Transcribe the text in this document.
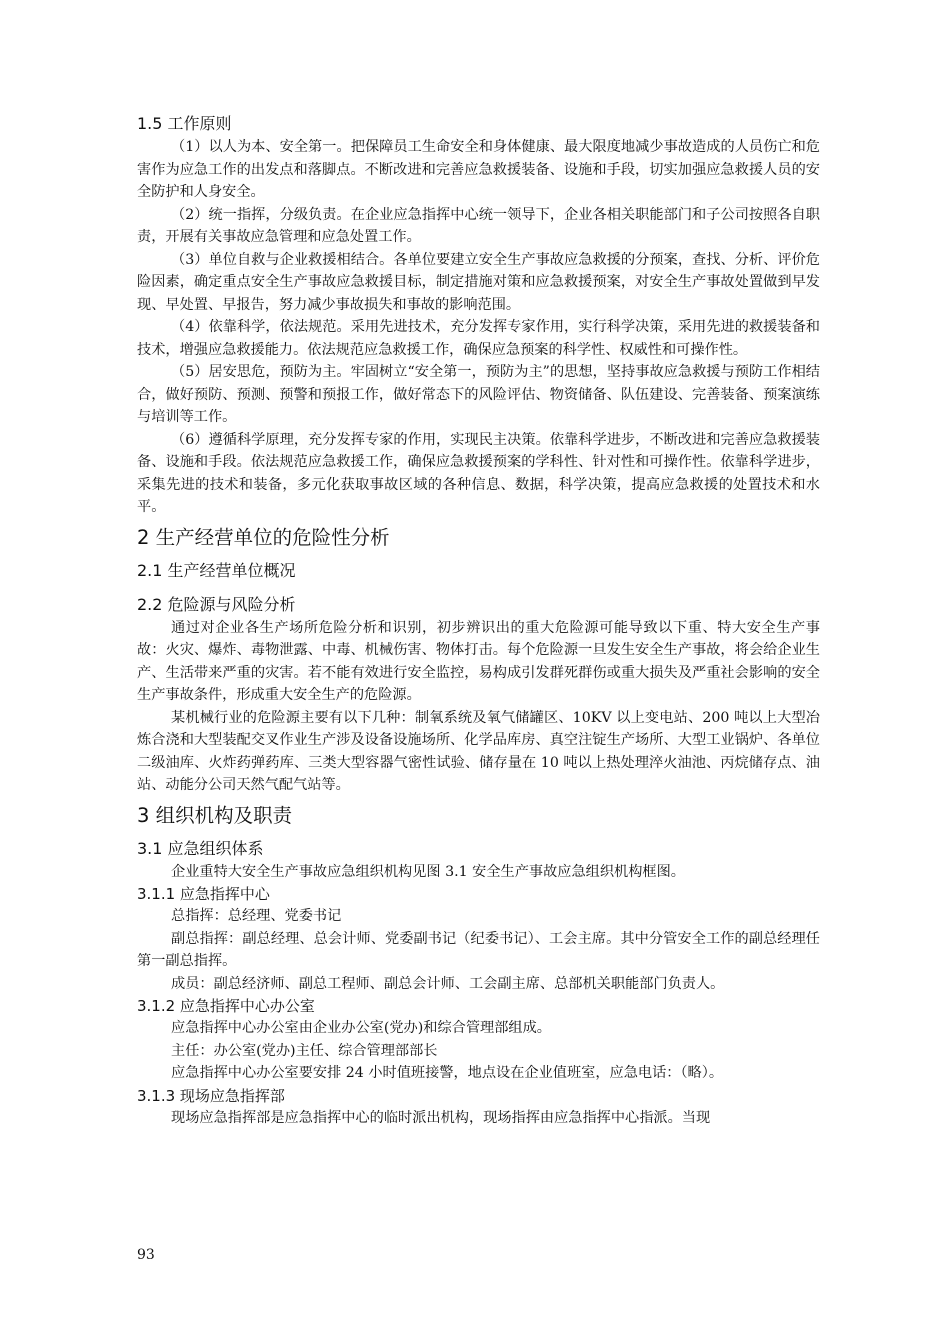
1.5 工作原则

（1）以人为本、安全第一。把保障员工生命安全和身体健康、最大限度地减少事故造成的人员伤亡和危害作为应急工作的出发点和落脚点。不断改进和完善应急救援装备、设施和手段，切实加强应急救援人员的安全防护和人身安全。

（2）统一指挥，分级负责。在企业应急指挥中心统一领导下，企业各相关职能部门和子公司按照各自职责，开展有关事故应急管理和应急处置工作。

（3）单位自救与企业救援相结合。各单位要建立安全生产事故应急救援的分预案，查找、分析、评价危险因素，确定重点安全生产事故应急救援目标，制定措施对策和应急救援预案，对安全生产事故处置做到早发现、早处置、早报告，努力减少事故损失和事故的影响范围。

（4）依靠科学，依法规范。采用先进技术，充分发挥专家作用，实行科学决策，采用先进的救援装备和技术，增强应急救援能力。依法规范应急救援工作，确保应急预案的科学性、权威性和可操作性。

（5）居安思危，预防为主。牢固树立“安全第一，预防为主”的思想，坚持事故应急救援与预防工作相结合，做好预防、预测、预警和预报工作，做好常态下的风险评估、物资储备、队伍建设、完善装备、预案演练与培训等工作。

（6）遵循科学原理，充分发挥专家的作用，实现民主决策。依靠科学进步，不断改进和完善应急救援装备、设施和手段。依法规范应急救援工作，确保应急救援预案的学科性、针对性和可操作性。依靠科学进步，采集先进的技术和装备，多元化获取事故区域的各种信息、数据，科学决策，提高应急救援的处置技术和水平。

2 生产经营单位的危险性分析
2.1 生产经营单位概况
2.2 危险源与风险分析

通过对企业各生产场所危险分析和识别，初步辨识出的重大危险源可能导致以下重、特大安全生产事故：火灾、爆炸、毒物泄露、中毒、机械伤害、物体打击。每个危险源一旦发生安全生产事故，将会给企业生产、生活带来严重的灾害。若不能有效进行安全监控，易构成引发群死群伤或重大损失及严重社会影响的安全生产事故条件，形成重大安全生产的危险源。

某机械行业的危险源主要有以下几种：制氧系统及氧气储罐区、10KV 以上变电站、200 吨以上大型冶炼合浇和大型装配交叉作业生产涉及设备设施场所、化学品库房、真空注锭生产场所、大型工业锅炉、各单位二级油库、火炸药弹药库、三类大型容器气密性试验、储存量在 10 吨以上热处理淬火油池、丙烷储存点、油站、动能分公司天然气配气站等。

3 组织机构及职责
3.1 应急组织体系

企业重特大安全生产事故应急组织机构见图 3.1 安全生产事故应急组织机构框图。

3.1.1 应急指挥中心

总指挥：总经理、党委书记

副总指挥：副总经理、总会计师、党委副书记（纪委书记）、工会主席。其中分管安全工作的副总经理任第一副总指挥。

成员：副总经济师、副总工程师、副总会计师、工会副主席、总部机关职能部门负责人。

3.1.2 应急指挥中心办公室

应急指挥中心办公室由企业办公室(党办)和综合管理部组成。

主任：办公室(党办)主任、综合管理部部长

应急指挥中心办公室要安排 24 小时值班接警，地点设在企业值班室，应急电话：（略）。

3.1.3 现场应急指挥部

现场应急指挥部是应急指挥中心的临时派出机构，现场指挥由应急指挥中心指派。当现

93
